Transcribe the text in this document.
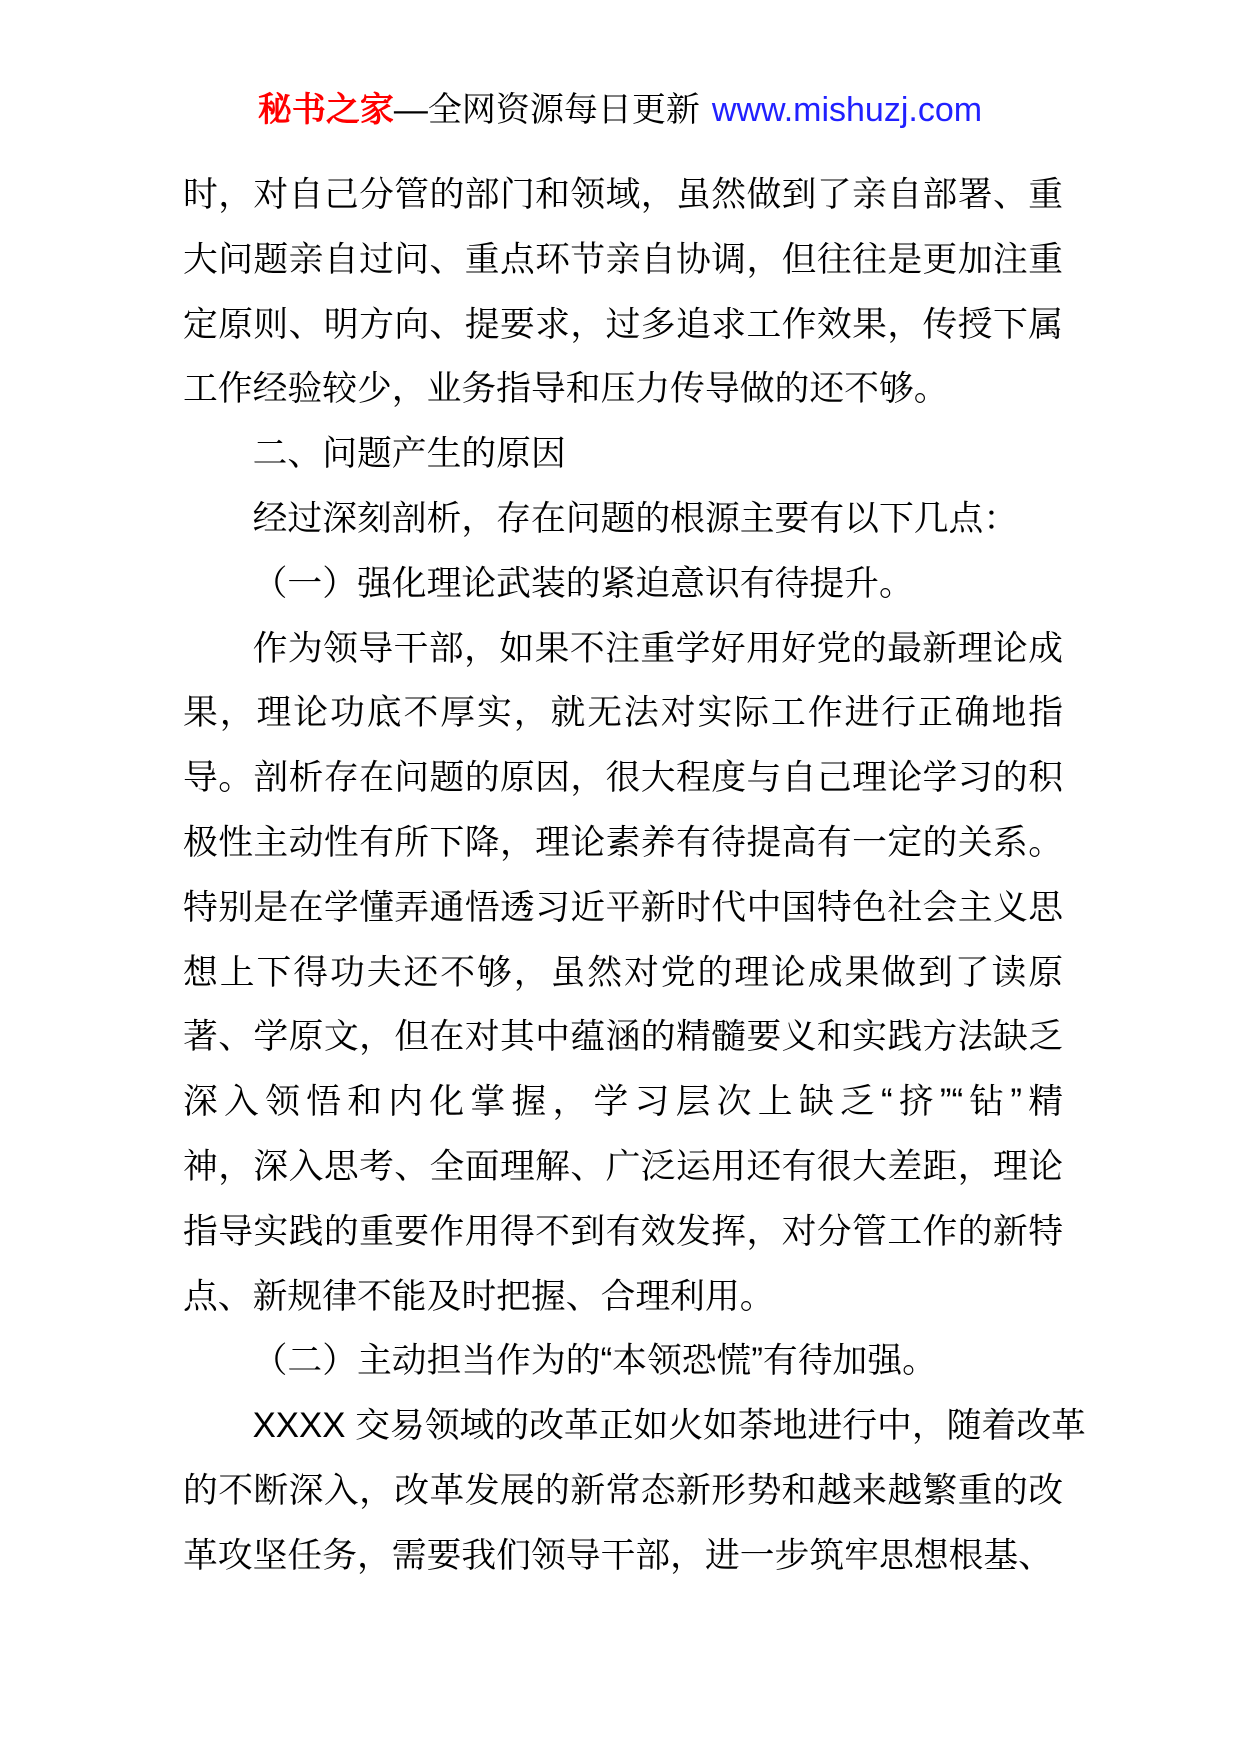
秘书之家—全网资源每日更新 www.mishuzj.com
时，对自己分管的部门和领域，虽然做到了亲自部署、重
大问题亲自过问、重点环节亲自协调，但往往是更加注重
定原则、明方向、提要求，过多追求工作效果，传授下属
工作经验较少，业务指导和压力传导做的还不够。
二、问题产生的原因
经过深刻剖析，存在问题的根源主要有以下几点：
（一）强化理论武装的紧迫意识有待提升。
作为领导干部，如果不注重学好用好党的最新理论成
果，理论功底不厚实，就无法对实际工作进行正确地指
导。剖析存在问题的原因，很大程度与自己理论学习的积
极性主动性有所下降，理论素养有待提高有一定的关系。
特别是在学懂弄通悟透习近平新时代中国特色社会主义思
想上下得功夫还不够，虽然对党的理论成果做到了读原
著、学原文，但在对其中蕴涵的精髓要义和实践方法缺乏
深入领悟和内化掌握，学习层次上缺乏“挤”“钻”精
神，深入思考、全面理解、广泛运用还有很大差距，理论
指导实践的重要作用得不到有效发挥，对分管工作的新特
点、新规律不能及时把握、合理利用。
（二）主动担当作为的“本领恐慌”有待加强。
XXXX 交易领域的改革正如火如荼地进行中，随着改革
的不断深入，改革发展的新常态新形势和越来越繁重的改
革攻坚任务，需要我们领导干部，进一步筑牢思想根基、
